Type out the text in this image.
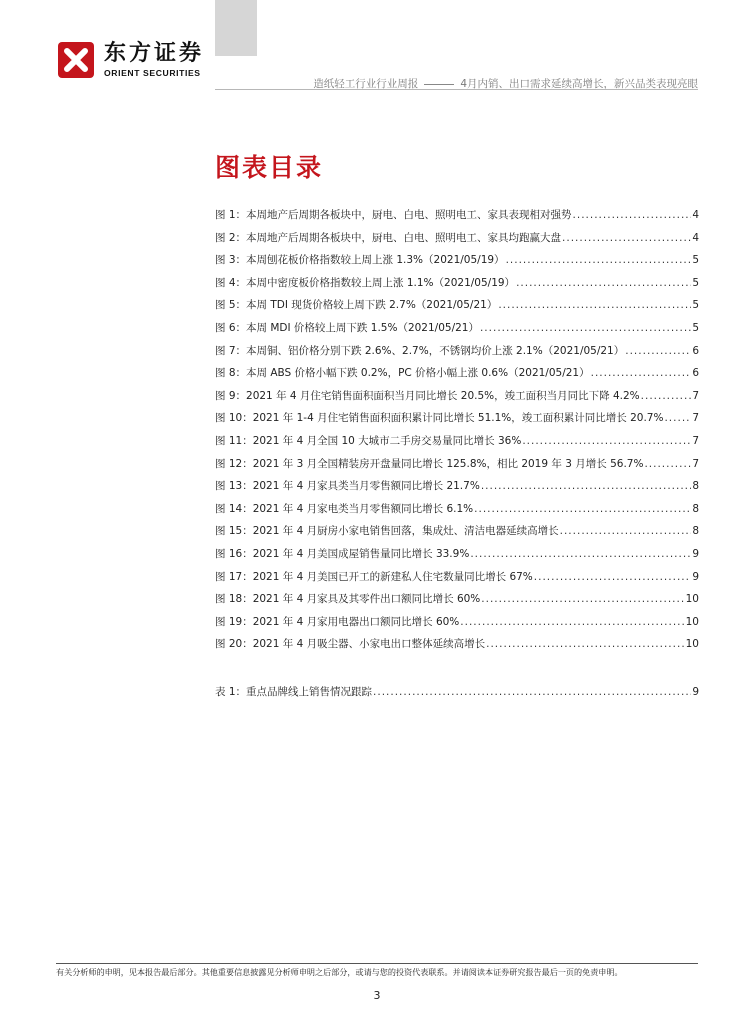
东方证券
ORIENT SECURITIES
造纸轻工行业行业周报	4月内销、出口需求延续高增长，新兴品类表现亮眼
图表目录
图 1：本周地产后周期各板块中，厨电、白电、照明电工、家具表现相对强势 .....	4
图 2：本周地产后周期各板块中，厨电、白电、照明电工、家具均跑赢大盘 .....	4
图 3：本周刨花板价格指数较上周上涨 1.3%（2021/05/19） .....	5
图 4：本周中密度板价格指数较上周上涨 1.1%（2021/05/19） .....	5
图 5：本周 TDI 现货价格较上周下跌 2.7%（2021/05/21） .....	5
图 6：本周 MDI 价格较上周下跌 1.5%（2021/05/21） .....	5
图 7：本周铜、铝价格分别下跌 2.6%、2.7%，不锈钢均价上涨 2.1%（2021/05/21） .....	6
图 8：本周 ABS 价格小幅下跌 0.2%，PC 价格小幅上涨 0.6%（2021/05/21） .....	6
图 9：2021 年 4 月住宅销售面积面积当月同比增长 20.5%，竣工面积当月同比下降 4.2% .....	7
图 10：2021 年 1-4 月住宅销售面积面积累计同比增长 51.1%，竣工面积累计同比增长 20.7% .....	7
图 11：2021 年 4 月全国 10 大城市二手房交易量同比增长 36% .....	7
图 12：2021 年 3 月全国精装房开盘量同比增长 125.8%，相比 2019 年 3 月增长 56.7% .....	7
图 13：2021 年 4 月家具类当月零售额同比增长 21.7% .....	8
图 14：2021 年 4 月家电类当月零售额同比增长 6.1% .....	8
图 15：2021 年 4 月厨房小家电销售回落，集成灶、清洁电器延续高增长 .....	8
图 16：2021 年 4 月美国成屋销售量同比增长 33.9% .....	9
图 17：2021 年 4 月美国已开工的新建私人住宅数量同比增长 67% .....	9
图 18：2021 年 4 月家具及其零件出口额同比增长 60% .....	10
图 19：2021 年 4 月家用电器出口额同比增长 60% .....	10
图 20：2021 年 4 月吸尘器、小家电出口整体延续高增长 .....	10
表 1：重点品牌线上销售情况跟踪 .....	9
有关分析师的申明，见本报告最后部分。其他重要信息披露见分析师申明之后部分，或请与您的投资代表联系。并请阅读本证券研究报告最后一页的免责申明。
3
